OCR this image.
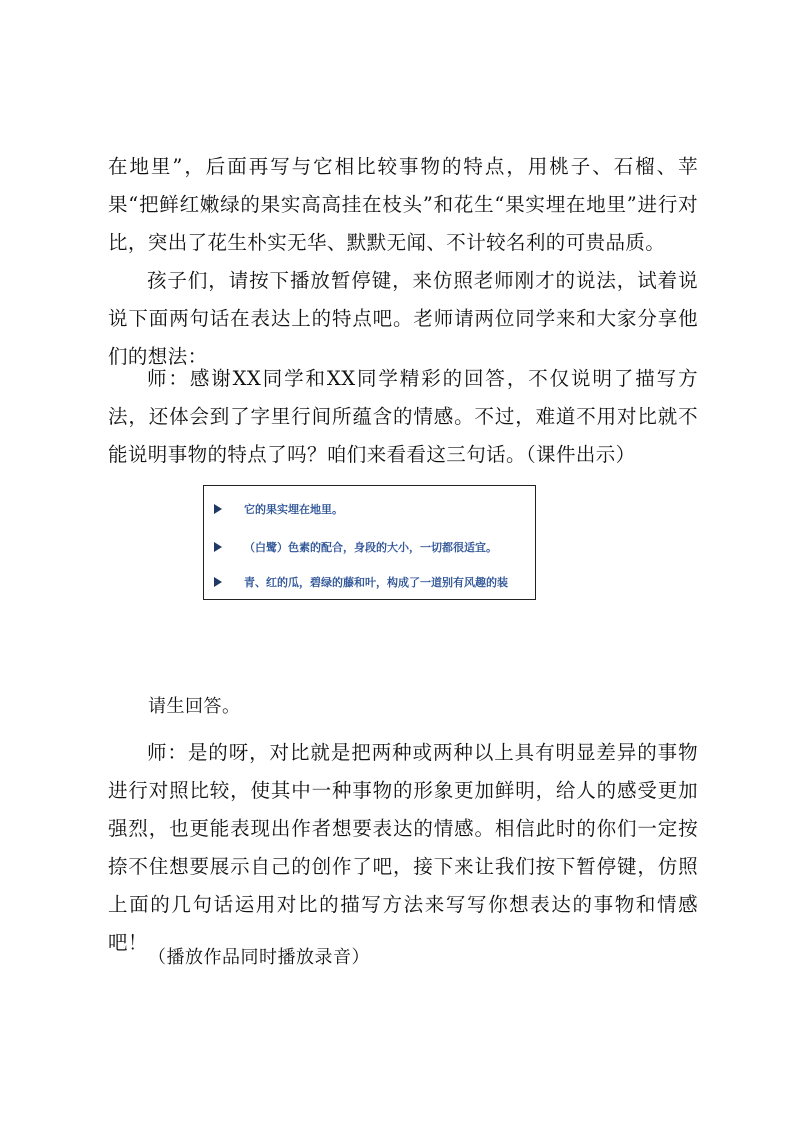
在地里”，后面再写与它相比较事物的特点，用桃子、石榴、苹果“把鲜红嫩绿的果实高高挂在枝头”和花生“果实埋在地里”进行对比，突出了花生朴实无华、默默无闻、不计较名利的可贵品质。

孩子们，请按下播放暂停键，来仿照老师刚才的说法，试着说说下面两句话在表达上的特点吧。老师请两位同学来和大家分享他们的想法：

师：感谢XX同学和XX同学精彩的回答，不仅说明了描写方法，还体会到了字里行间所蕴含的情感。不过，难道不用对比就不能说明事物的特点了吗？咱们来看看这三句话。（课件出示）

它的果实埋在地里。
（白鹭）色素的配合，身段的大小，一切都很适宜。
青、红的瓜，碧绿的藤和叶，构成了一道别有风趣的装

请生回答。

师：是的呀，对比就是把两种或两种以上具有明显差异的事物进行对照比较，使其中一种事物的形象更加鲜明，给人的感受更加强烈，也更能表现出作者想要表达的情感。相信此时的你们一定按捺不住想要展示自己的创作了吧，接下来让我们按下暂停键，仿照上面的几句话运用对比的描写方法来写写你想表达的事物和情感吧！

（播放作品同时播放录音）
